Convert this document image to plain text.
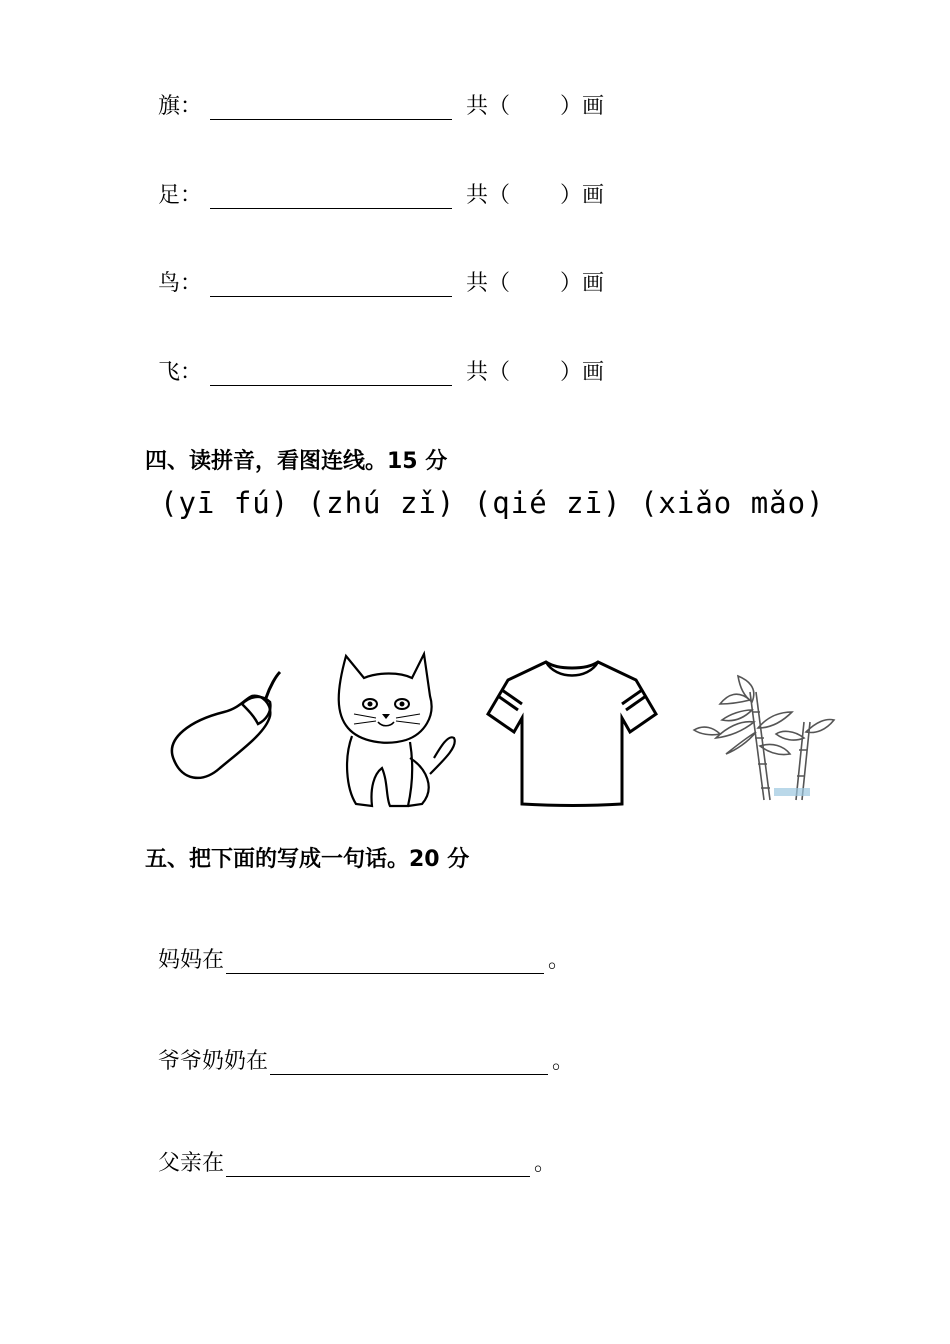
旗：	共（ ）画
足：	共（ ）画
鸟：	共（ ）画
飞：	共（ ）画
四、读拼音，看图连线。15 分
(yī fú) (zhú zǐ) (qié zī) (xiǎo mǎo)
五、把下面的写成一句话。20 分
妈妈在	。
爷爷奶奶在	。
父亲在	。
